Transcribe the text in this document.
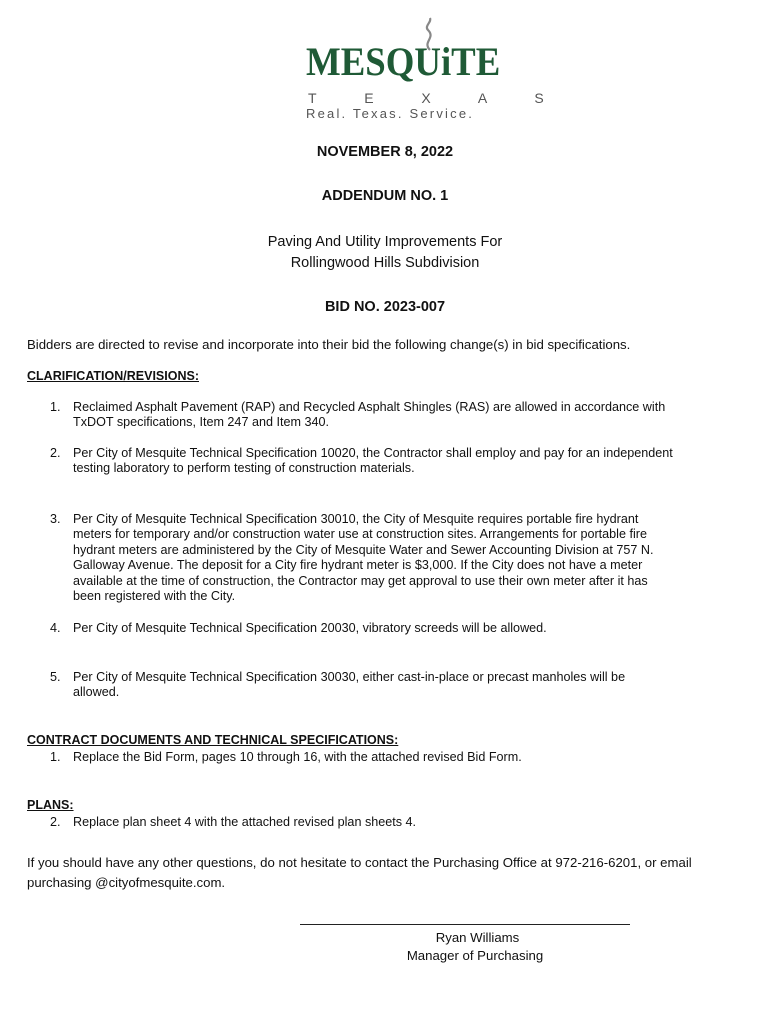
MESQUiTE
T E X A S
Real. Texas. Service.
NOVEMBER 8, 2022
ADDENDUM NO. 1
Paving And Utility Improvements For
Rollingwood Hills Subdivision
BID NO. 2023-007
Bidders are directed to revise and incorporate into their bid the following change(s) in bid specifications.
CLARIFICATION/REVISIONS:
1. Reclaimed Asphalt Pavement (RAP) and Recycled Asphalt Shingles (RAS) are allowed in accordance with
TxDOT specifications, Item 247 and Item 340.
2. Per City of Mesquite Technical Specification 10020, the Contractor shall employ and pay for an independent
testing laboratory to perform testing of construction materials.
3. Per City of Mesquite Technical Specification 30010, the City of Mesquite requires portable fire hydrant
meters for temporary and/or construction water use at construction sites. Arrangements for portable fire
hydrant meters are administered by the City of Mesquite Water and Sewer Accounting Division at 757 N.
Galloway Avenue. The deposit for a City fire hydrant meter is $3,000. If the City does not have a meter
available at the time of construction, the Contractor may get approval to use their own meter after it has
been registered with the City.
4. Per City of Mesquite Technical Specification 20030, vibratory screeds will be allowed.
5. Per City of Mesquite Technical Specification 30030, either cast-in-place or precast manholes will be
allowed.
CONTRACT DOCUMENTS AND TECHNICAL SPECIFICATIONS:
1. Replace the Bid Form, pages 10 through 16, with the attached revised Bid Form.
PLANS:
2. Replace plan sheet 4 with the attached revised plan sheets 4.
If you should have any other questions, do not hesitate to contact the Purchasing Office at 972-216-6201, or email
purchasing @cityofmesquite.com.
Ryan Williams
Manager of Purchasing
